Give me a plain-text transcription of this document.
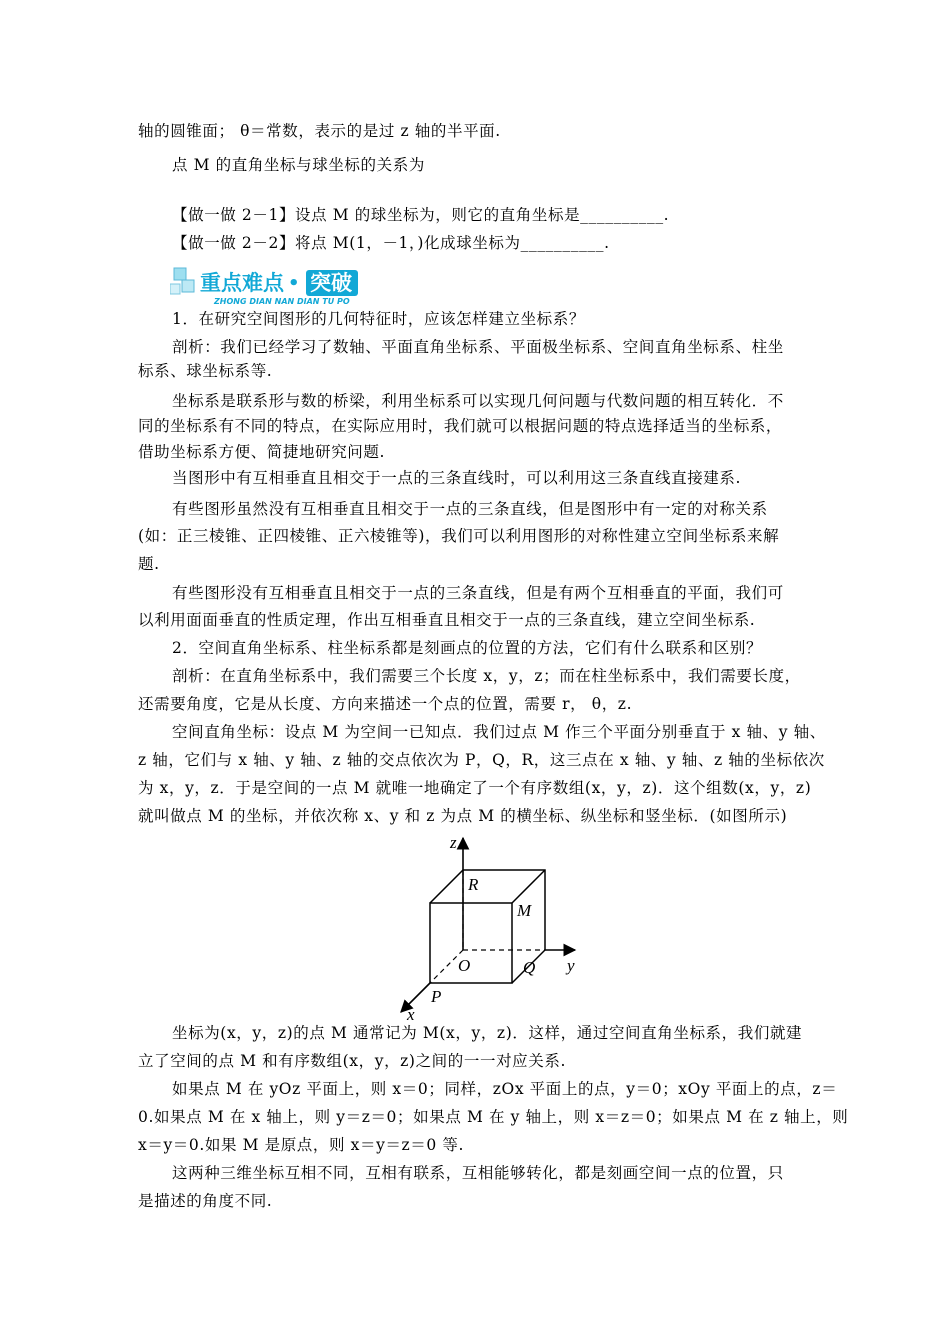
轴的圆锥面； θ＝常数，表示的是过 z 轴的半平面.
点 M 的直角坐标与球坐标的关系为
【做一做 2－1】设点 M 的球坐标为，则它的直角坐标是__________.
【做一做 2－2】将点 M(1，－1，)化成球坐标为__________.
重点难点 • 突破
ZHONG DIAN NAN DIAN TU PO
1．在研究空间图形的几何特征时，应该怎样建立坐标系？
剖析：我们已经学习了数轴、平面直角坐标系、平面极坐标系、空间直角坐标系、柱坐
标系、球坐标系等.
坐标系是联系形与数的桥梁，利用坐标系可以实现几何问题与代数问题的相互转化．不
同的坐标系有不同的特点，在实际应用时，我们就可以根据问题的特点选择适当的坐标系，
借助坐标系方便、简捷地研究问题.
当图形中有互相垂直且相交于一点的三条直线时，可以利用这三条直线直接建系.
有些图形虽然没有互相垂直且相交于一点的三条直线，但是图形中有一定的对称关系
(如：正三棱锥、正四棱锥、正六棱锥等)，我们可以利用图形的对称性建立空间坐标系来解
题.
有些图形没有互相垂直且相交于一点的三条直线，但是有两个互相垂直的平面，我们可
以利用面面垂直的性质定理，作出互相垂直且相交于一点的三条直线，建立空间坐标系.
2．空间直角坐标系、柱坐标系都是刻画点的位置的方法，它们有什么联系和区别？
剖析：在直角坐标系中，我们需要三个长度 x，y，z；而在柱坐标系中，我们需要长度，
还需要角度，它是从长度、方向来描述一个点的位置，需要 r， θ，z.
空间直角坐标：设点 M 为空间一已知点．我们过点 M 作三个平面分别垂直于 x 轴、y 轴、
z 轴，它们与 x 轴、y 轴、z 轴的交点依次为 P，Q，R，这三点在 x 轴、y 轴、z 轴的坐标依次
为 x，y，z．于是空间的一点 M 就唯一地确定了一个有序数组(x，y，z)．这个组数(x，y，z)
就叫做点 M 的坐标，并依次称 x、y 和 z 为点 M 的横坐标、纵坐标和竖坐标．(如图所示)
z
y
x
R
M
O	Q
P
坐标为(x，y，z)的点 M 通常记为 M(x，y，z)．这样，通过空间直角坐标系，我们就建
立了空间的点 M 和有序数组(x，y，z)之间的一一对应关系.
如果点 M 在 yOz 平面上，则 x＝0；同样，zOx 平面上的点，y＝0；xOy 平面上的点，z＝
0.如果点 M 在 x 轴上，则 y＝z＝0；如果点 M 在 y 轴上，则 x＝z＝0；如果点 M 在 z 轴上，则
x＝y＝0.如果 M 是原点，则 x＝y＝z＝0 等.
这两种三维坐标互相不同，互相有联系，互相能够转化，都是刻画空间一点的位置，只
是描述的角度不同.
